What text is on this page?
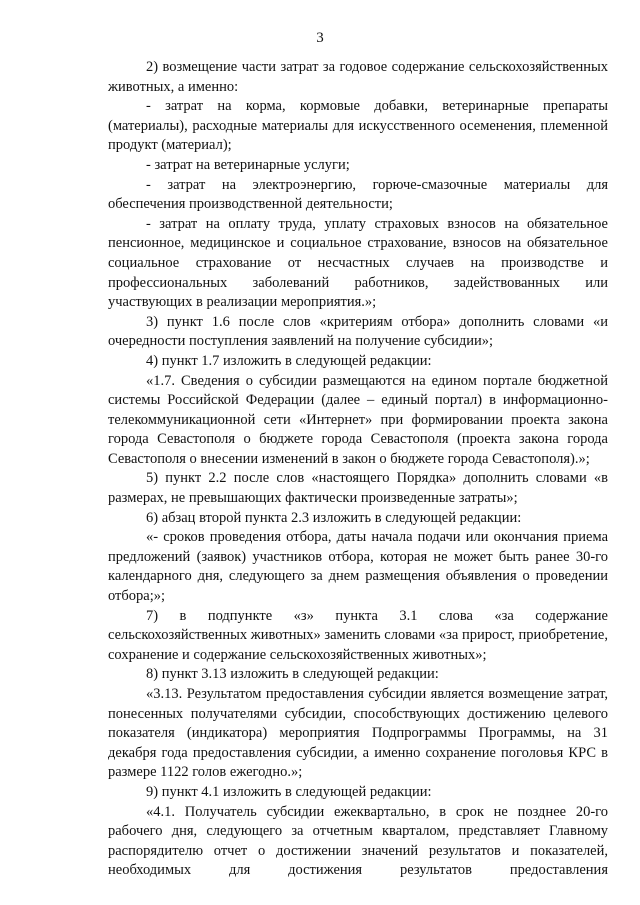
3

2) возмещение части затрат за годовое содержание сельскохозяйственных животных, а именно:

- затрат на корма, кормовые добавки, ветеринарные препараты (материалы), расходные материалы для искусственного осеменения, племенной продукт (материал);

- затрат на ветеринарные услуги;

- затрат на электроэнергию, горюче-смазочные материалы для обеспечения производственной деятельности;

- затрат на оплату труда, уплату страховых взносов на обязательное пенсионное, медицинское и социальное страхование, взносов на обязательное социальное страхование от несчастных случаев на производстве и профессиональных заболеваний работников, задействованных или участвующих в реализации мероприятия.»;

3) пункт 1.6 после слов «критериям отбора» дополнить словами «и очередности поступления заявлений на получение субсидии»;

4) пункт 1.7 изложить в следующей редакции:

«1.7. Сведения о субсидии размещаются на едином портале бюджетной системы Российской Федерации (далее – единый портал) в информационно-телекоммуникационной сети «Интернет» при формировании проекта закона города Севастополя о бюджете города Севастополя (проекта закона города Севастополя о внесении изменений в закон о бюджете города Севастополя).»;

5) пункт 2.2 после слов «настоящего Порядка» дополнить словами «в размерах, не превышающих фактически произведенные затраты»;

6) абзац второй пункта 2.3 изложить в следующей редакции:

«- сроков проведения отбора, даты начала подачи или окончания приема предложений (заявок) участников отбора, которая не может быть ранее 30-го календарного дня, следующего за днем размещения объявления о проведении отбора;»;

7) в подпункте «з» пункта 3.1 слова «за содержание сельскохозяйственных животных» заменить словами «за прирост, приобретение, сохранение и содержание сельскохозяйственных животных»;

8) пункт 3.13 изложить в следующей редакции:

«3.13. Результатом предоставления субсидии является возмещение затрат, понесенных получателями субсидии, способствующих достижению целевого показателя (индикатора) мероприятия Подпрограммы Программы, на 31 декабря года предоставления субсидии, а именно сохранение поголовья КРС в размере 1122 голов ежегодно.»;

9) пункт 4.1 изложить в следующей редакции:

«4.1. Получатель субсидии ежеквартально, в срок не позднее 20-го рабочего дня, следующего за отчетным кварталом, представляет Главному распорядителю отчет о достижении значений результатов и показателей, необходимых для достижения результатов предоставления
